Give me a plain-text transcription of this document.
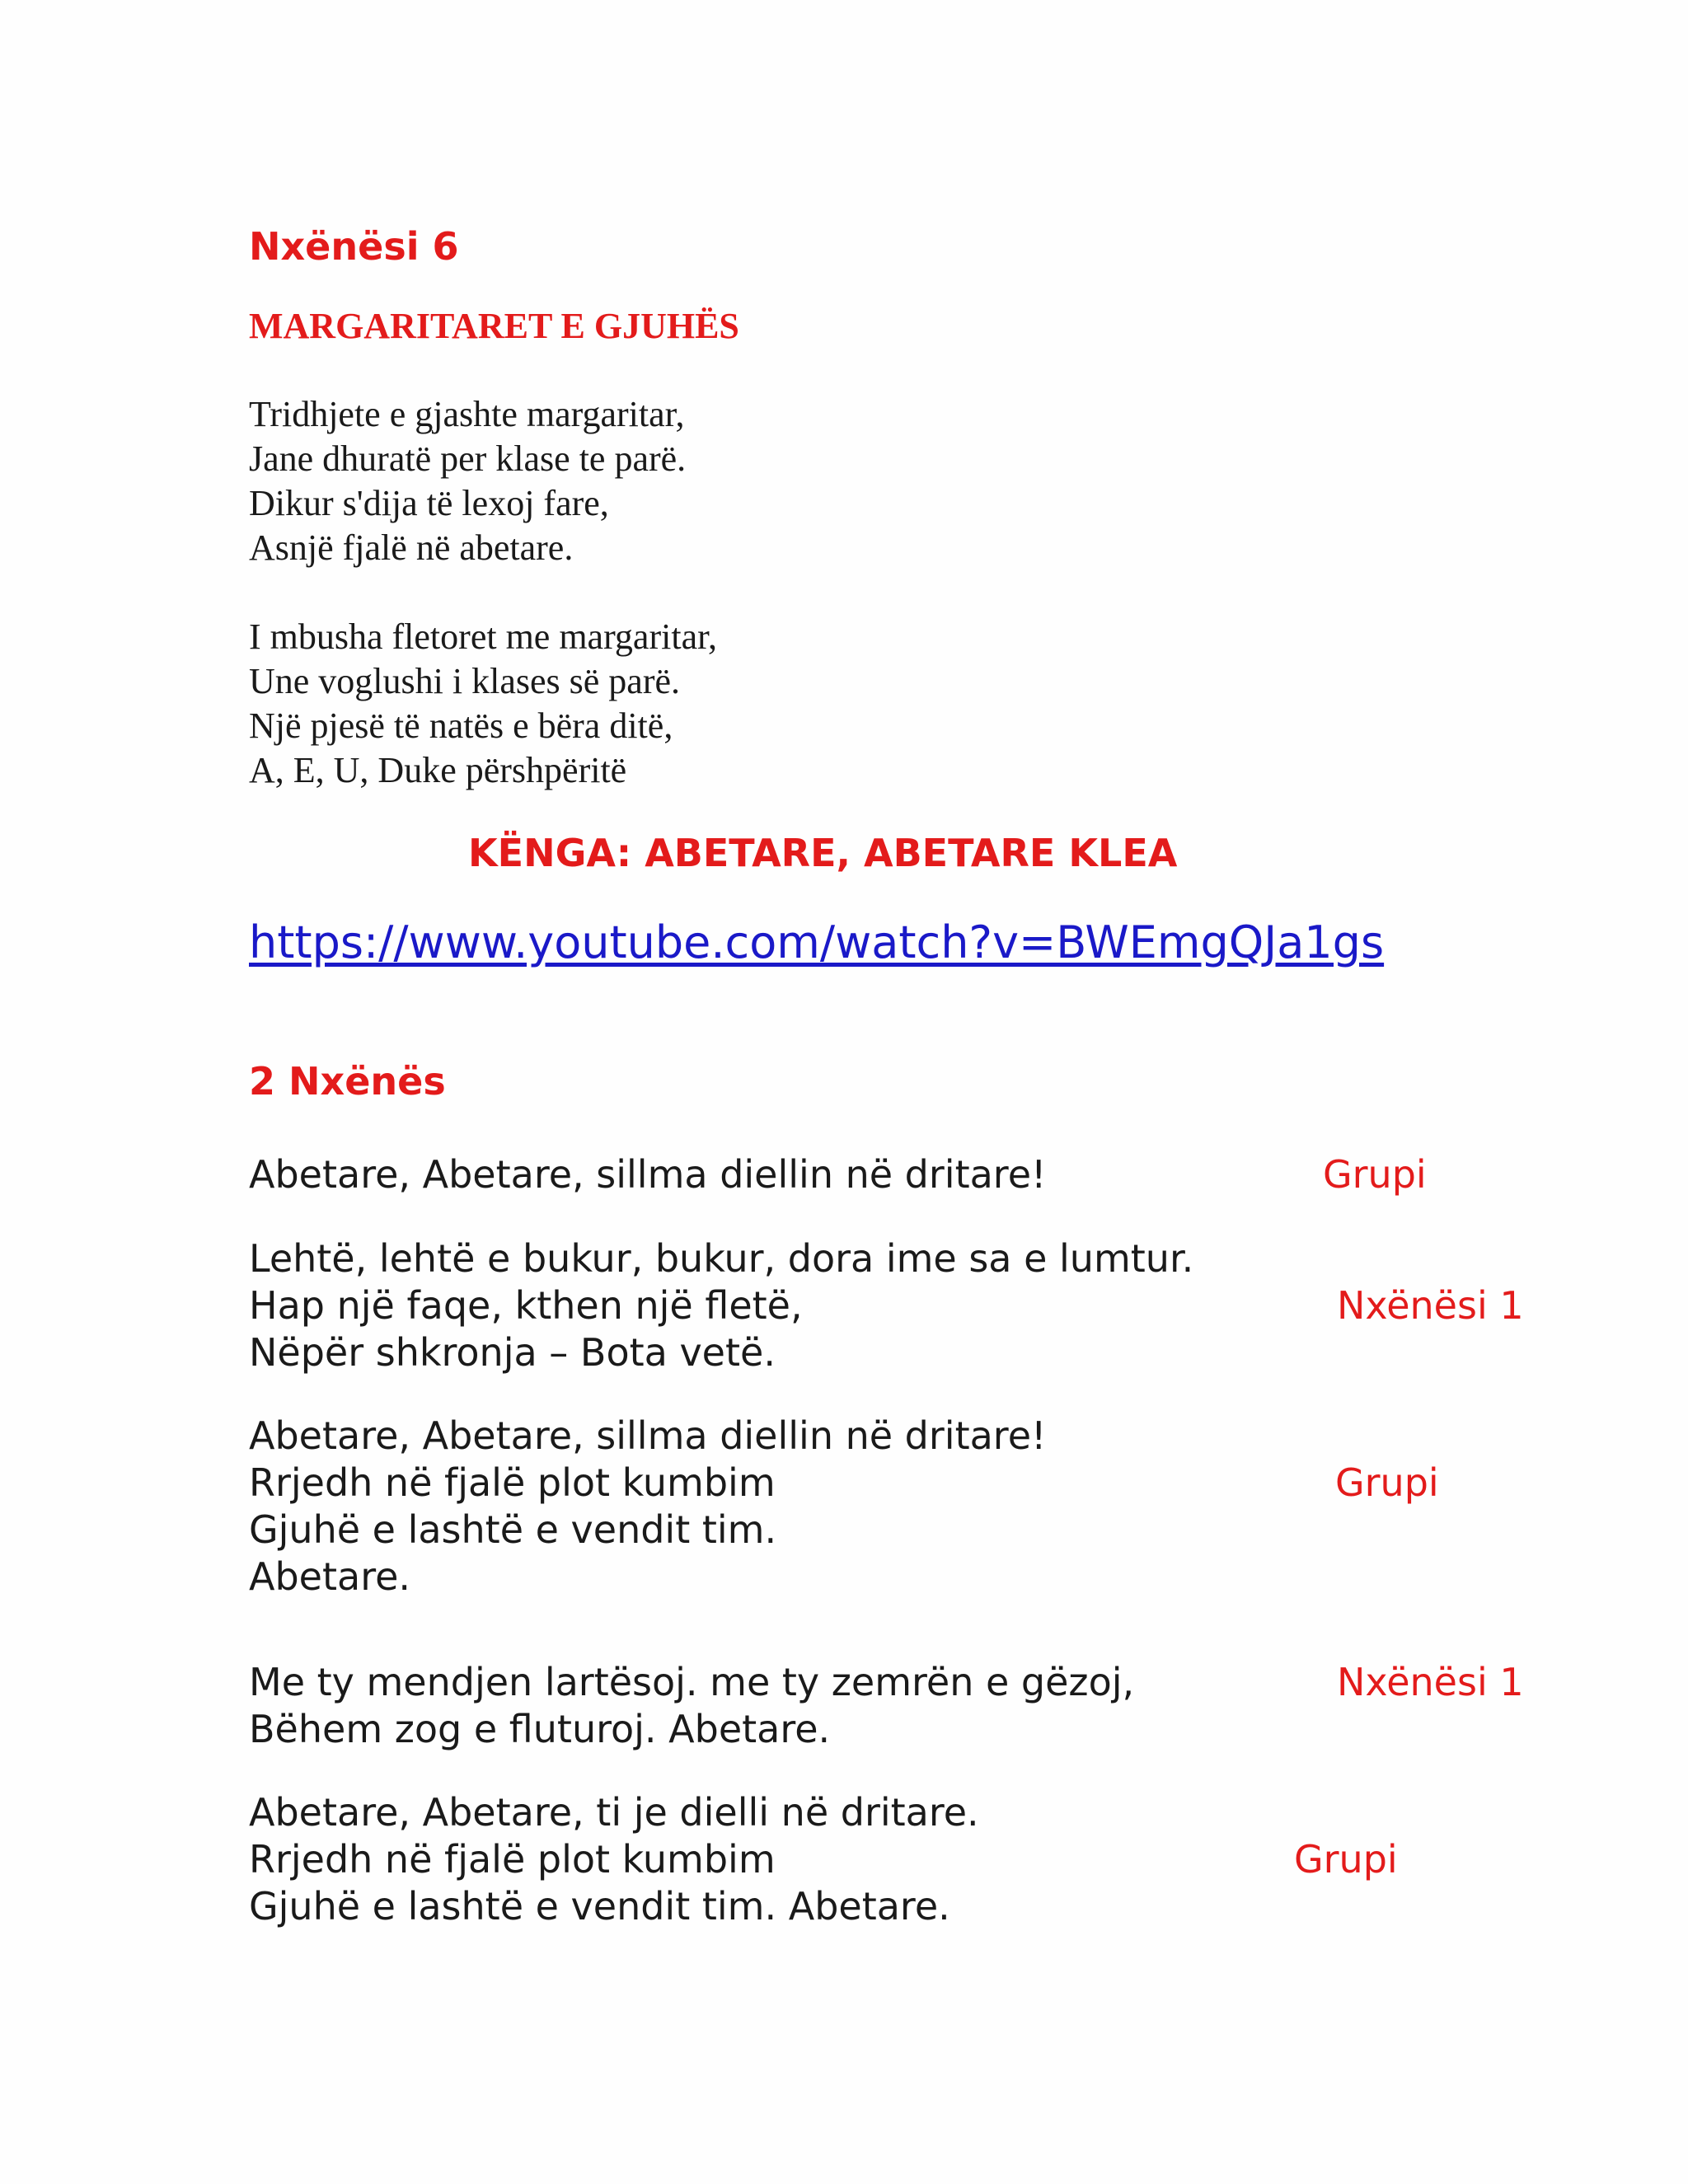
Nxënësi 6
MARGARITARET E GJUHËS
Tridhjete e gjashte margaritar,
Jane dhuratë per klase te parë.
Dikur s'dija të lexoj fare,
Asnjë fjalë në abetare.
I mbusha fletoret me margaritar,
Une voglushi i klases së parë.
Një pjesë të natës e bëra ditë,
A, E, U, Duke përshpëritë
KËNGA: ABETARE, ABETARE KLEA
https://www.youtube.com/watch?v=BWEmgQJa1gs
2 Nxënës
Abetare, Abetare, sillma diellin në dritare!	Grupi
Lehtë, lehtë e bukur, bukur, dora ime sa e lumtur.
Hap një faqe, kthen një fletë,	Nxënësi 1
Nëpër shkronja – Bota vetë.
Abetare, Abetare, sillma diellin në dritare!
Rrjedh në fjalë plot kumbim	Grupi
Gjuhë e lashtë e vendit tim.
Abetare.
Me ty mendjen lartësoj. me ty zemrën e gëzoj,	Nxënësi 1
Bëhem zog e fluturoj. Abetare.
Abetare, Abetare, ti je dielli në dritare.
Rrjedh në fjalë plot kumbim	Grupi
Gjuhë e lashtë e vendit tim. Abetare.
